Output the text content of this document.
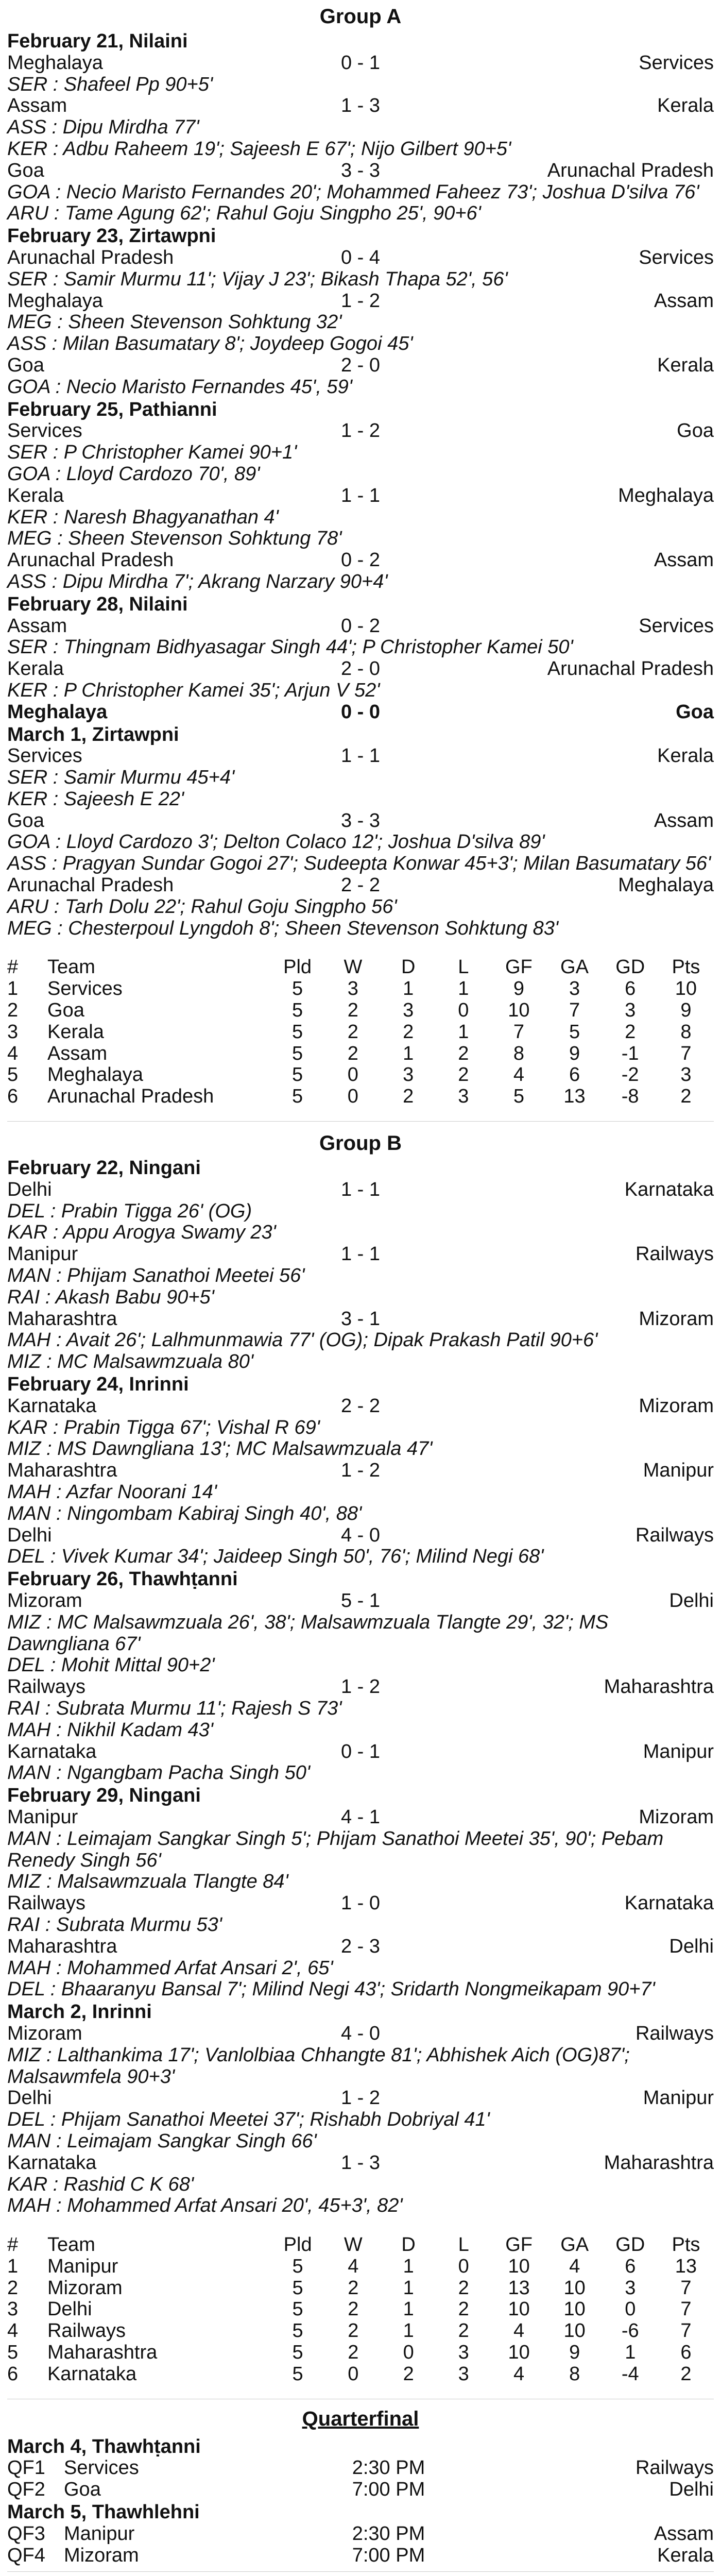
Group A
February 21, Nilaini
Meghalaya	0 - 1	Services
SER : Shafeel Pp 90+5'
Assam	1 - 3	Kerala
ASS : Dipu Mirdha 77'
KER : Adbu Raheem 19'; Sajeesh E 67'; Nijo Gilbert 90+5'
Goa	3 - 3	Arunachal Pradesh
GOA : Necio Maristo Fernandes 20'; Mohammed Faheez 73'; Joshua D'silva 76'
ARU : Tame Agung 62'; Rahul Goju Singpho 25', 90+6'
February 23, Zirtawpni
Arunachal Pradesh	0 - 4	Services
SER : Samir Murmu 11'; Vijay J 23'; Bikash Thapa 52', 56'
Meghalaya	1 - 2	Assam
MEG : Sheen Stevenson Sohktung 32'
ASS : Milan Basumatary 8'; Joydeep Gogoi 45'
Goa	2 - 0	Kerala
GOA : Necio Maristo Fernandes 45', 59'
February 25, Pathianni
Services	1 - 2	Goa
SER : P Christopher Kamei 90+1'
GOA : Lloyd Cardozo 70', 89'
Kerala	1 - 1	Meghalaya
KER : Naresh Bhagyanathan 4'
MEG : Sheen Stevenson Sohktung 78'
Arunachal Pradesh	0 - 2	Assam
ASS : Dipu Mirdha 7'; Akrang Narzary 90+4'
February 28, Nilaini
Assam	0 - 2	Services
SER : Thingnam Bidhyasagar Singh 44'; P Christopher Kamei 50'
Kerala	2 - 0	Arunachal Pradesh
KER : P Christopher Kamei 35'; Arjun V 52'
Meghalaya	0 - 0	Goa
March 1, Zirtawpni
Services	1 - 1	Kerala
SER : Samir Murmu 45+4'
KER : Sajeesh E 22'
Goa	3 - 3	Assam
GOA : Lloyd Cardozo 3'; Delton Colaco 12'; Joshua D'silva 89'
ASS : Pragyan Sundar Gogoi 27'; Sudeepta Konwar 45+3'; Milan Basumatary 56'
Arunachal Pradesh	2 - 2	Meghalaya
ARU : Tarh Dolu 22'; Rahul Goju Singpho 56'
MEG : Chesterpoul Lyngdoh 8'; Sheen Stevenson Sohktung 83'
#	Team	Pld	W	D	L	GF	GA	GD	Pts
1	Services	5	3	1	1	9	3	6	10
2	Goa	5	2	3	0	10	7	3	9
3	Kerala	5	2	2	1	7	5	2	8
4	Assam	5	2	1	2	8	9	-1	7
5	Meghalaya	5	0	3	2	4	6	-2	3
6	Arunachal Pradesh	5	0	2	3	5	13	-8	2
Group B
February 22, Ningani
Delhi	1 - 1	Karnataka
DEL : Prabin Tigga 26' (OG)
KAR : Appu Arogya Swamy 23'
Manipur	1 - 1	Railways
MAN : Phijam Sanathoi Meetei 56'
RAI : Akash Babu 90+5'
Maharashtra	3 - 1	Mizoram
MAH : Avait 26'; Lalhmunmawia 77' (OG); Dipak Prakash Patil 90+6'
MIZ : MC Malsawmzuala 80'
February 24, Inrinni
Karnataka	2 - 2	Mizoram
KAR : Prabin Tigga 67'; Vishal R 69'
MIZ : MS Dawngliana 13'; MC Malsawmzuala 47'
Maharashtra	1 - 2	Manipur
MAH : Azfar Noorani 14'
MAN : Ningombam Kabiraj Singh 40', 88'
Delhi	4 - 0	Railways
DEL : Vivek Kumar 34'; Jaideep Singh 50', 76'; Milind Negi 68'
February 26, Thawhṭanni
Mizoram	5 - 1	Delhi
MIZ : MC Malsawmzuala 26', 38'; Malsawmzuala Tlangte 29', 32'; MS Dawngliana 67'
DEL : Mohit Mittal 90+2'
Railways	1 - 2	Maharashtra
RAI : Subrata Murmu 11'; Rajesh S 73'
MAH : Nikhil Kadam 43'
Karnataka	0 - 1	Manipur
MAN : Ngangbam Pacha Singh 50'
February 29, Ningani
Manipur	4 - 1	Mizoram
MAN : Leimajam Sangkar Singh 5'; Phijam Sanathoi Meetei 35', 90'; Pebam Renedy Singh 56'
MIZ : Malsawmzuala Tlangte 84'
Railways	1 - 0	Karnataka
RAI : Subrata Murmu 53'
Maharashtra	2 - 3	Delhi
MAH : Mohammed Arfat Ansari 2', 65'
DEL : Bhaaranyu Bansal 7'; Milind Negi 43'; Sridarth Nongmeikapam 90+7'
March 2, Inrinni
Mizoram	4 - 0	Railways
MIZ : Lalthankima 17'; Vanlolbiaa Chhangte 81'; Abhishek Aich (OG)87'; Malsawmfela 90+3'
Delhi	1 - 2	Manipur
DEL : Phijam Sanathoi Meetei 37'; Rishabh Dobriyal 41'
MAN : Leimajam Sangkar Singh 66'
Karnataka	1 - 3	Maharashtra
KAR : Rashid C K 68'
MAH : Mohammed Arfat Ansari 20', 45+3', 82'
#	Team	Pld	W	D	L	GF	GA	GD	Pts
1	Manipur	5	4	1	0	10	4	6	13
2	Mizoram	5	2	1	2	13	10	3	7
3	Delhi	5	2	1	2	10	10	0	7
4	Railways	5	2	1	2	4	10	-6	7
5	Maharashtra	5	2	0	3	10	9	1	6
6	Karnataka	5	0	2	3	4	8	-4	2
Quarterfinal
March 4, Thawhṭanni
QF1 Services	2:30 PM	Railways
QF2 Goa	7:00 PM	Delhi
March 5, Thawhlehni
QF3 Manipur	2:30 PM	Assam
QF4 Mizoram	7:00 PM	Kerala
